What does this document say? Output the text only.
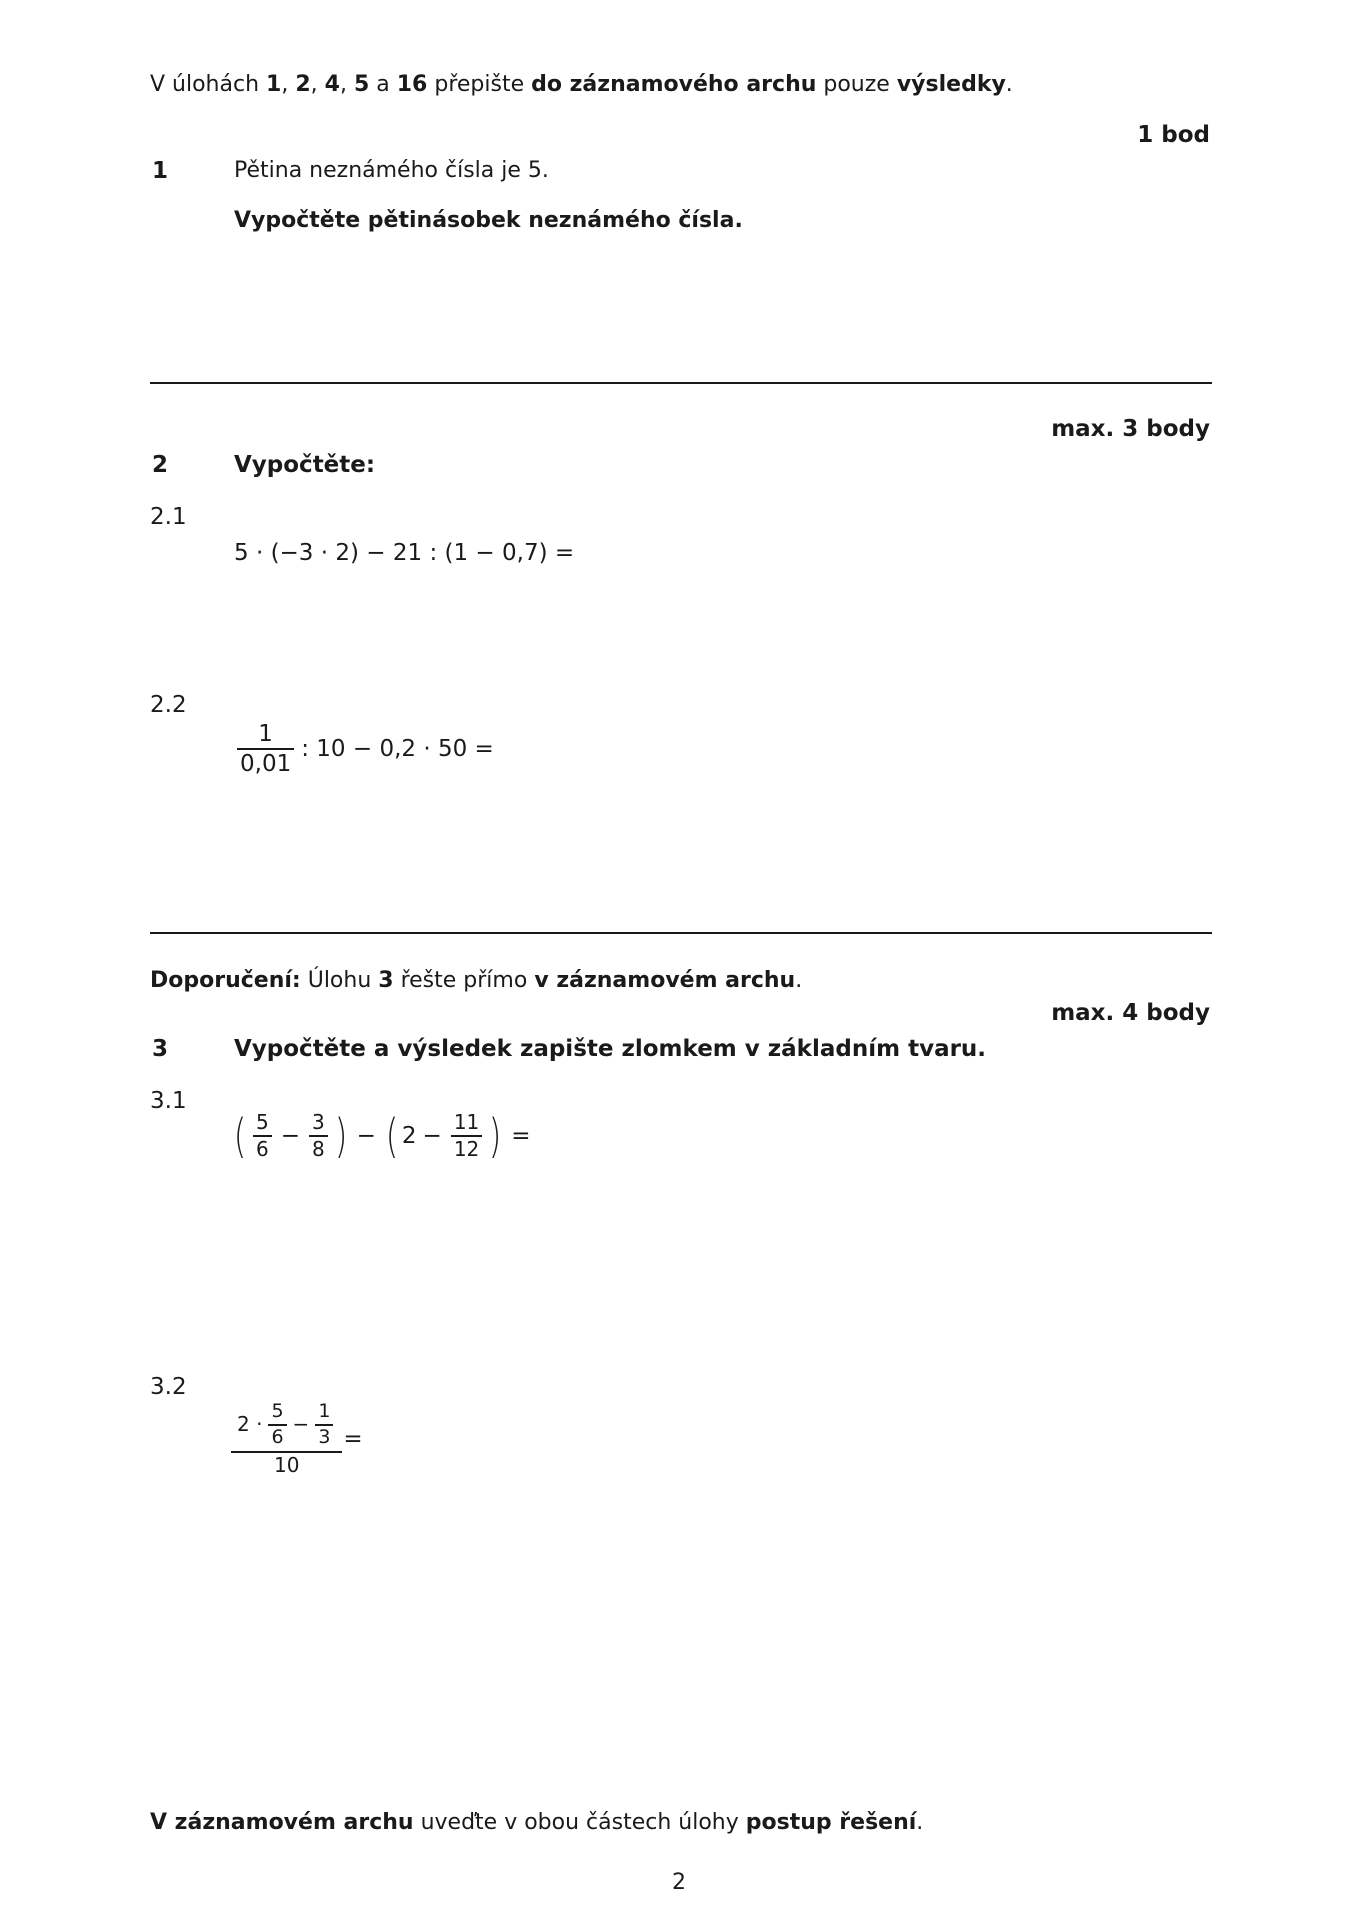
V úlohách 1, 2, 4, 5 a 16 přepište do záznamového archu pouze výsledky.
1 bod
1	Pětina neznámého čísla je 5.
Vypočtěte pětinásobek neznámého čísla.
max. 3 body
2	Vypočtěte:
2.1
5 · (−3 · 2) − 21 : (1 − 0,7) =
2.2
$\frac{1}{0,01}$ : 10 − 0,2 · 50 =
Doporučení: Úlohu 3 řešte přímo v záznamovém archu.
max. 4 body
3	Vypočtěte a výsledek zapište zlomkem v základním tvaru.
3.1
( $\frac{5}{6} - \frac{3}{8}$ ) − ( $2 - \frac{11}{12}$ ) =
3.2
$2 \cdot \frac{5}{6} - \frac{1}{3}$
10
=
V záznamovém archu uveďte v obou částech úlohy postup řešení.
2
